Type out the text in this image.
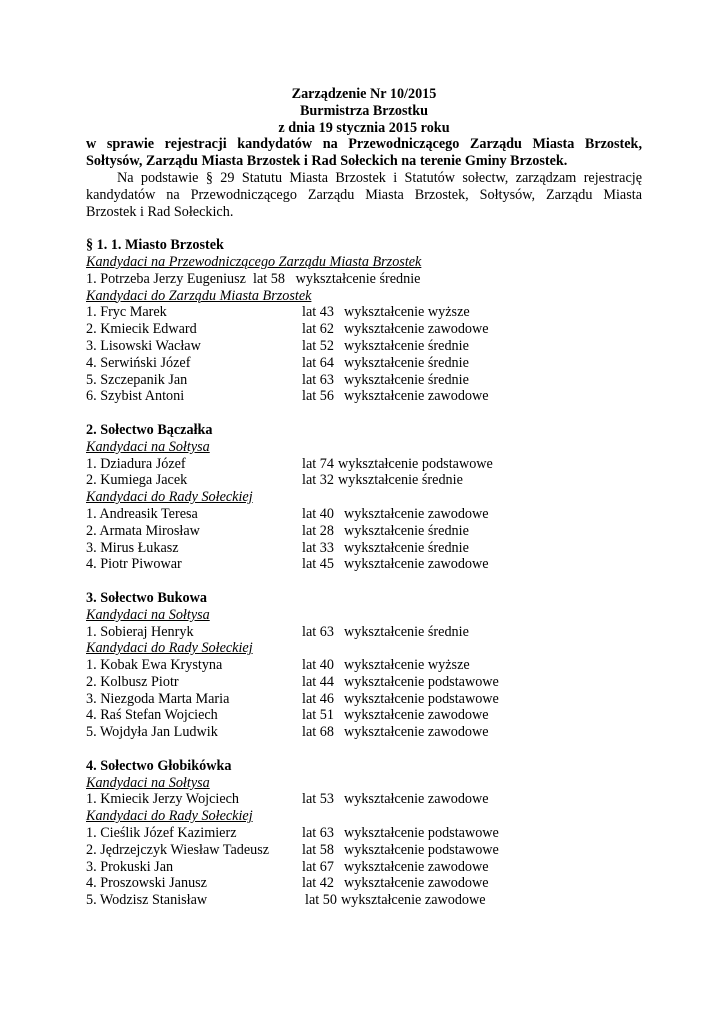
Zarządzenie Nr 10/2015
Burmistrza Brzostku
z dnia 19 stycznia 2015 roku
w sprawie rejestracji kandydatów na Przewodniczącego Zarządu Miasta Brzostek,
Sołtysów, Zarządu Miasta Brzostek i Rad Sołeckich na terenie Gminy Brzostek.
Na podstawie § 29 Statutu Miasta Brzostek i Statutów sołectw, zarządzam rejestrację
kandydatów na Przewodniczącego Zarządu Miasta Brzostek, Sołtysów, Zarządu Miasta
Brzostek i Rad Sołeckich.
§ 1. 1. Miasto Brzostek
Kandydaci na Przewodniczącego Zarządu Miasta Brzostek
1. Potrzeba Jerzy Eugeniusz  lat 58   wykształcenie średnie
Kandydaci do Zarządu Miasta Brzostek
1. Fryc Marek	lat 43 wykształcenie wyższe
2. Kmiecik Edward	lat 62 wykształcenie zawodowe
3. Lisowski Wacław	lat 52 wykształcenie średnie
4. Serwiński Józef	lat 64 wykształcenie średnie
5. Szczepanik Jan	lat 63 wykształcenie średnie
6. Szybist Antoni	lat 56 wykształcenie zawodowe
2. Sołectwo Bączałka
Kandydaci na Sołtysa
1. Dziadura Józef	lat 74 wykształcenie podstawowe
2. Kumiega Jacek	lat 32 wykształcenie średnie
Kandydaci do Rady Sołeckiej
1. Andreasik Teresa	lat 40 wykształcenie zawodowe
2. Armata Mirosław	lat 28 wykształcenie średnie
3. Mirus Łukasz	lat 33 wykształcenie średnie
4. Piotr Piwowar	lat 45 wykształcenie zawodowe
3. Sołectwo Bukowa
Kandydaci na Sołtysa
1. Sobieraj Henryk	lat 63 wykształcenie średnie
Kandydaci do Rady Sołeckiej
1. Kobak Ewa Krystyna	lat 40 wykształcenie wyższe
2. Kolbusz Piotr	lat 44 wykształcenie podstawowe
3. Niezgoda Marta Maria	lat 46 wykształcenie podstawowe
4. Raś Stefan Wojciech	lat 51 wykształcenie zawodowe
5. Wojdyła Jan Ludwik	lat 68 wykształcenie zawodowe
4. Sołectwo Głobikówka
Kandydaci na Sołtysa
1. Kmiecik Jerzy Wojciech	lat 53 wykształcenie zawodowe
Kandydaci do Rady Sołeckiej
1. Cieślik Józef Kazimierz	lat 63 wykształcenie podstawowe
2. Jędrzejczyk Wiesław Tadeusz lat 58 wykształcenie podstawowe
3. Prokuski Jan	lat 67 wykształcenie zawodowe
4. Proszowski Janusz	lat 42 wykształcenie zawodowe
5. Wodzisz Stanisław	lat 50 wykształcenie zawodowe
